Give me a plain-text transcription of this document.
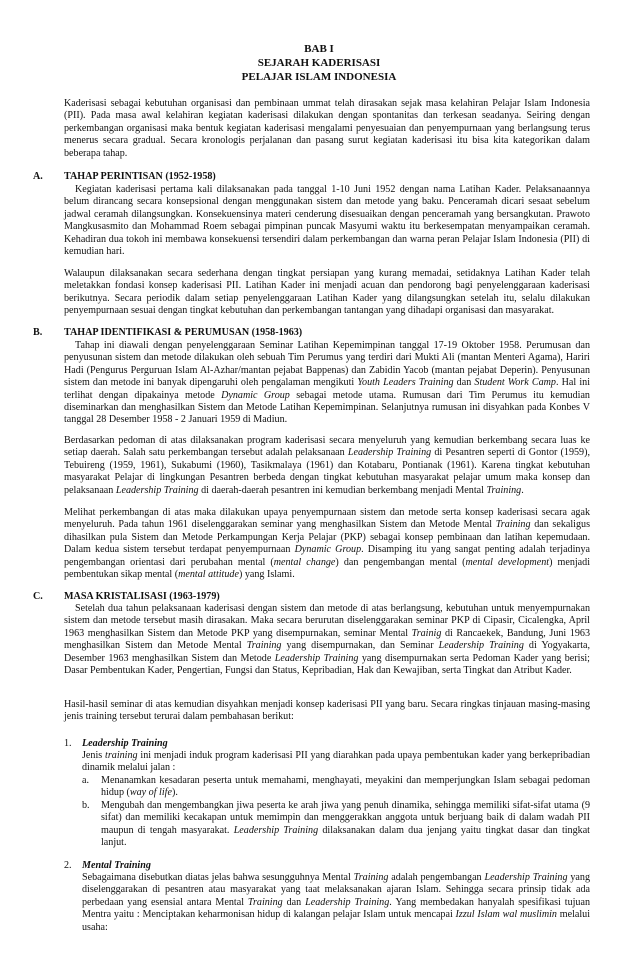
BAB I
SEJARAH KADERISASI
PELAJAR ISLAM INDONESIA
Kaderisasi sebagai kebutuhan organisasi dan pembinaan ummat telah dirasakan sejak masa kelahiran Pelajar Islam Indonesia (PII). Pada masa awal kelahiran kegiatan kaderisasi dilakukan dengan spontanitas dan terkesan seadanya. Seiring dengan perkembangan organisasi maka bentuk kegiatan kaderisasi mengalami penyesuaian dan penyempurnaan yang berlangsung terus menerus secara gradual. Secara kronologis perjalanan dan pasang surut kegiatan kaderisasi itu bisa kita kategorikan dalam beberapa tahap.
A. TAHAP PERINTISAN (1952-1958)
Kegiatan kaderisasi pertama kali dilaksanakan pada tanggal 1-10 Juni 1952 dengan nama Latihan Kader. Pelaksanaannya belum dirancang secara konsepsional dengan menggunakan sistem dan metode yang baku. Penceramah dicari sesaat sebelum jadwal ceramah dilangsungkan. Konsekuensinya materi cenderung disesuaikan dengan penceramah yang bersangkutan. Prawoto Mangkusasmito dan Mohammad Roem sebagai pimpinan puncak Masyumi waktu itu berkesempatan menyampaikan ceramah. Kehadiran dua tokoh ini membawa konsekuensi tersendiri dalam perkembangan dan warna peran Pelajar Islam Indonesia (PII) di kemudian hari.
Walaupun dilaksanakan secara sederhana dengan tingkat persiapan yang kurang memadai, setidaknya Latihan Kader telah meletakkan fondasi konsep kaderisasi PII. Latihan Kader ini menjadi acuan dan pendorong bagi penyelenggaraan kaderisasi berikutnya. Secara periodik dalam setiap penyelenggaraan Latihan Kader yang dilangsungkan setelah itu, selalu dilakukan penyempurnaan sesuai dengan tingkat kebutuhan dan perkembangan tantangan yang dihadapi organisasi dan masyarakat.
B. TAHAP IDENTIFIKASI & PERUMUSAN (1958-1963)
Tahap ini diawali dengan penyelenggaraan Seminar Latihan Kepemimpinan tanggal 17-19 Oktober 1958. Perumusan dan penyusunan sistem dan metode dilakukan oleh sebuah Tim Perumus yang terdiri dari Mukti Ali (mantan Menteri Agama), Hariri Hadi (Pengurus Perguruan Islam Al-Azhar/mantan pejabat Bappenas) dan Zabidin Yacob (mantan pejabat Deperin). Penyusunan sistem dan metode ini banyak dipengaruhi oleh pengalaman mengikuti Youth Leaders Training dan Student Work Camp. Hal ini terlihat dengan dipakainya metode Dynamic Group sebagai metode utama. Rumusan dari Tim Perumus itu kemudian diseminarkan dan menghasilkan Sistem dan Metode Latihan Kepemimpinan. Selanjutnya rumusan ini disyahkan pada Konbes V tanggal 28 Desember 1958 - 2 Januari 1959 di Madiun.
Berdasarkan pedoman di atas dilaksanakan program kaderisasi secara menyeluruh yang kemudian berkembang secara luas ke setiap daerah. Salah satu perkembangan tersebut adalah pelaksanaan Leadership Training di Pesantren seperti di Gontor (1959), Tebuireng (1959, 1961), Sukabumi (1960), Tasikmalaya (1961) dan Kotabaru, Pontianak (1961). Karena tingkat kebutuhan masyarakat Pelajar di lingkungan Pesantren berbeda dengan tingkat kebutuhan masyarakat pelajar umum maka konsep dan pelaksanaan Leadership Training di daerah-daerah pesantren ini kemudian berkembang menjadi Mental Training.
Melihat perkembangan di atas maka dilakukan upaya penyempurnaan sistem dan metode serta konsep kaderisasi secara agak menyeluruh. Pada tahun 1961 diselenggarakan seminar yang menghasilkan Sistem dan Metode Mental Training dan sekaligus dihasilkan pula Sistem dan Metode Perkampungan Kerja Pelajar (PKP) sebagai konsep pembinaan dan latihan kepemudaan. Dalam kedua sistem tersebut terdapat penyempurnaan Dynamic Group. Disamping itu yang sangat penting adalah terjadinya pengembangan orientasi dari perubahan mental (mental change) dan pengembangan mental (mental development) menjadi pembentukan sikap mental (mental attitude) yang Islami.
C. MASA KRISTALISASI (1963-1979)
Setelah dua tahun pelaksanaan kaderisasi dengan sistem dan metode di atas berlangsung, kebutuhan untuk menyempurnakan sistem dan metode tersebut masih dirasakan. Maka secara berurutan diselenggarakan seminar PKP di Cipasir, Cicalengka, April 1963 menghasilkan Sistem dan Metode PKP yang disempurnakan, seminar Mental Trainig di Rancaekek, Bandung, Juni 1963 menghasilkan Sistem dan Metode Mental Training yang disempurnakan, dan Seminar Leadership Training di Yogyakarta, Desember 1963 menghasilkan Sistem dan Metode Leadership Training yang disempurnakan serta Pedoman Kader yang berisi; Dasar Pembentukan Kader, Pengertian, Fungsi dan Status, Kepribadian, Hak dan Kewajiban, serta Tingkat dan Atribut Kader.
Hasil-hasil seminar di atas kemudian disyahkan menjadi konsep kaderisasi PII yang baru. Secara ringkas tinjauan masing-masing jenis training tersebut terurai dalam pembahasan berikut:
1. Leadership Training
Jenis training ini menjadi induk program kaderisasi PII yang diarahkan pada upaya pembentukan kader yang berkepribadian dinamik melalui jalan :
a. Menanamkan kesadaran peserta untuk memahami, menghayati, meyakini dan memperjungkan Islam sebagai pedoman hidup (way of life).
b. Mengubah dan mengembangkan jiwa peserta ke arah jiwa yang penuh dinamika, sehingga memiliki sifat-sifat utama (9 sifat) dan memiliki kecakapan untuk memimpin dan menggerakkan anggota untuk berjuang baik di dalam wadah PII maupun di tengah masyarakat. Leadership Training dilaksanakan dalam dua jenjang yaitu tingkat dasar dan tingkat lanjut.
2. Mental Training
Sebagaimana disebutkan diatas jelas bahwa sesungguhnya Mental Training adalah pengembangan Leadership Training yang diselenggarakan di pesantren atau masyarakat yang taat melaksanakan ajaran Islam. Sehingga secara prinsip tidak ada perbedaan yang esensial antara Mental Training dan Leadership Training. Yang membedakan hanyalah spesifikasi tujuan Mentra yaitu : Menciptakan keharmonisan hidup di kalangan pelajar Islam untuk mencapai Izzul Islam wal muslimin melalui usaha:
